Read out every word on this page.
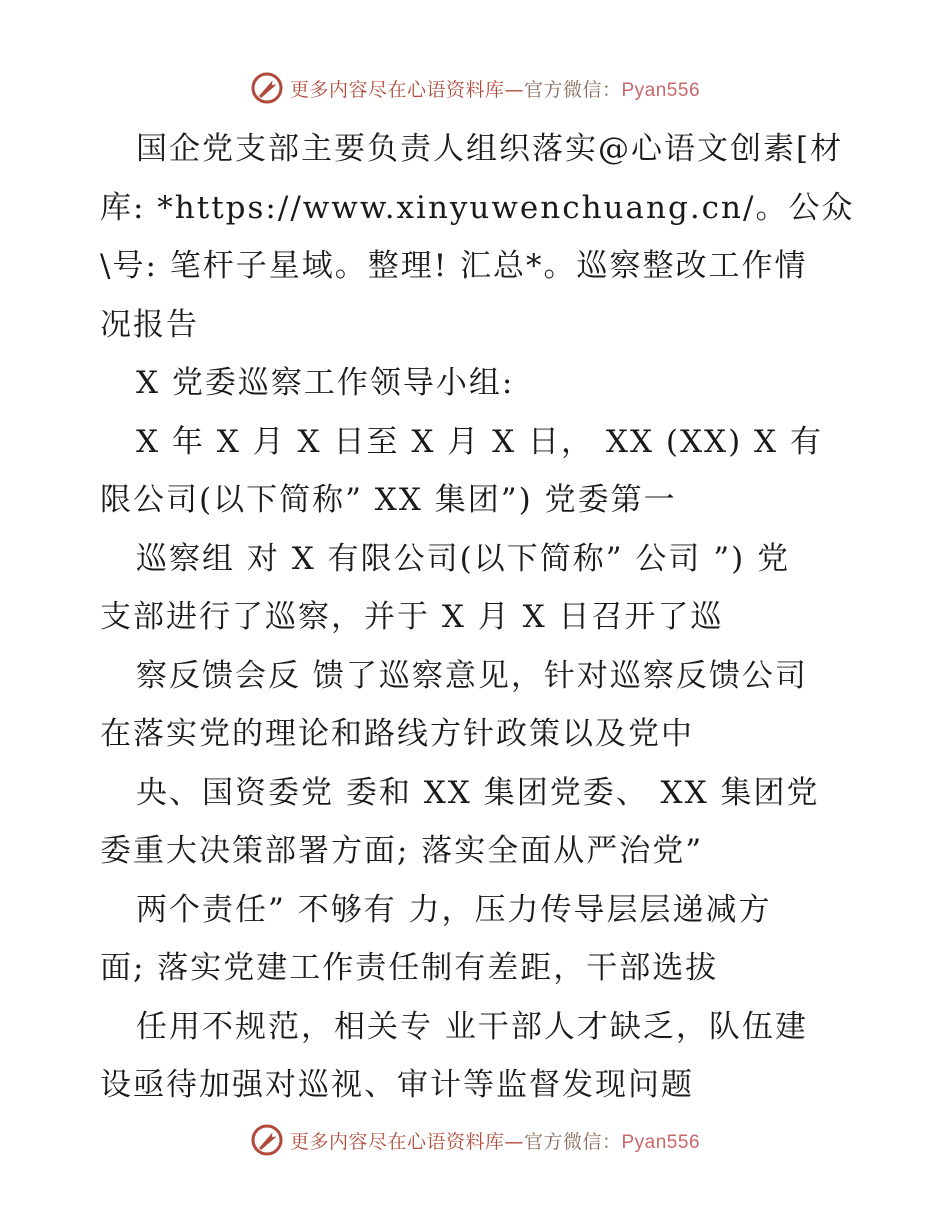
更多内容尽在心语资料库—官方微信：Pyan556
国企党支部主要负责人组织落实@心语文创素[材
库: *https://www.xinyuwenchuang.cn/。公众
\号: 笔杆子星域。整理! 汇总*。巡察整改工作情
况报告
X 党委巡察工作领导小组:
X 年 X 月 X 日至 X 月 X 日， XX (XX) X 有
限公司(以下简称” XX 集团”) 党委第一
巡察组 对 X 有限公司(以下简称” 公司 ”) 党
支部进行了巡察，并于 X 月 X 日召开了巡
察反馈会反 馈了巡察意见，针对巡察反馈公司
在落实党的理论和路线方针政策以及党中
央、国资委党 委和 XX 集团党委、 XX 集团党
委重大决策部署方面; 落实全面从严治党”
两个责任” 不够有 力，压力传导层层递减方
面; 落实党建工作责任制有差距，干部选拔
任用不规范，相关专 业干部人才缺乏，队伍建
设亟待加强对巡视、审计等监督发现问题
更多内容尽在心语资料库—官方微信：Pyan556
